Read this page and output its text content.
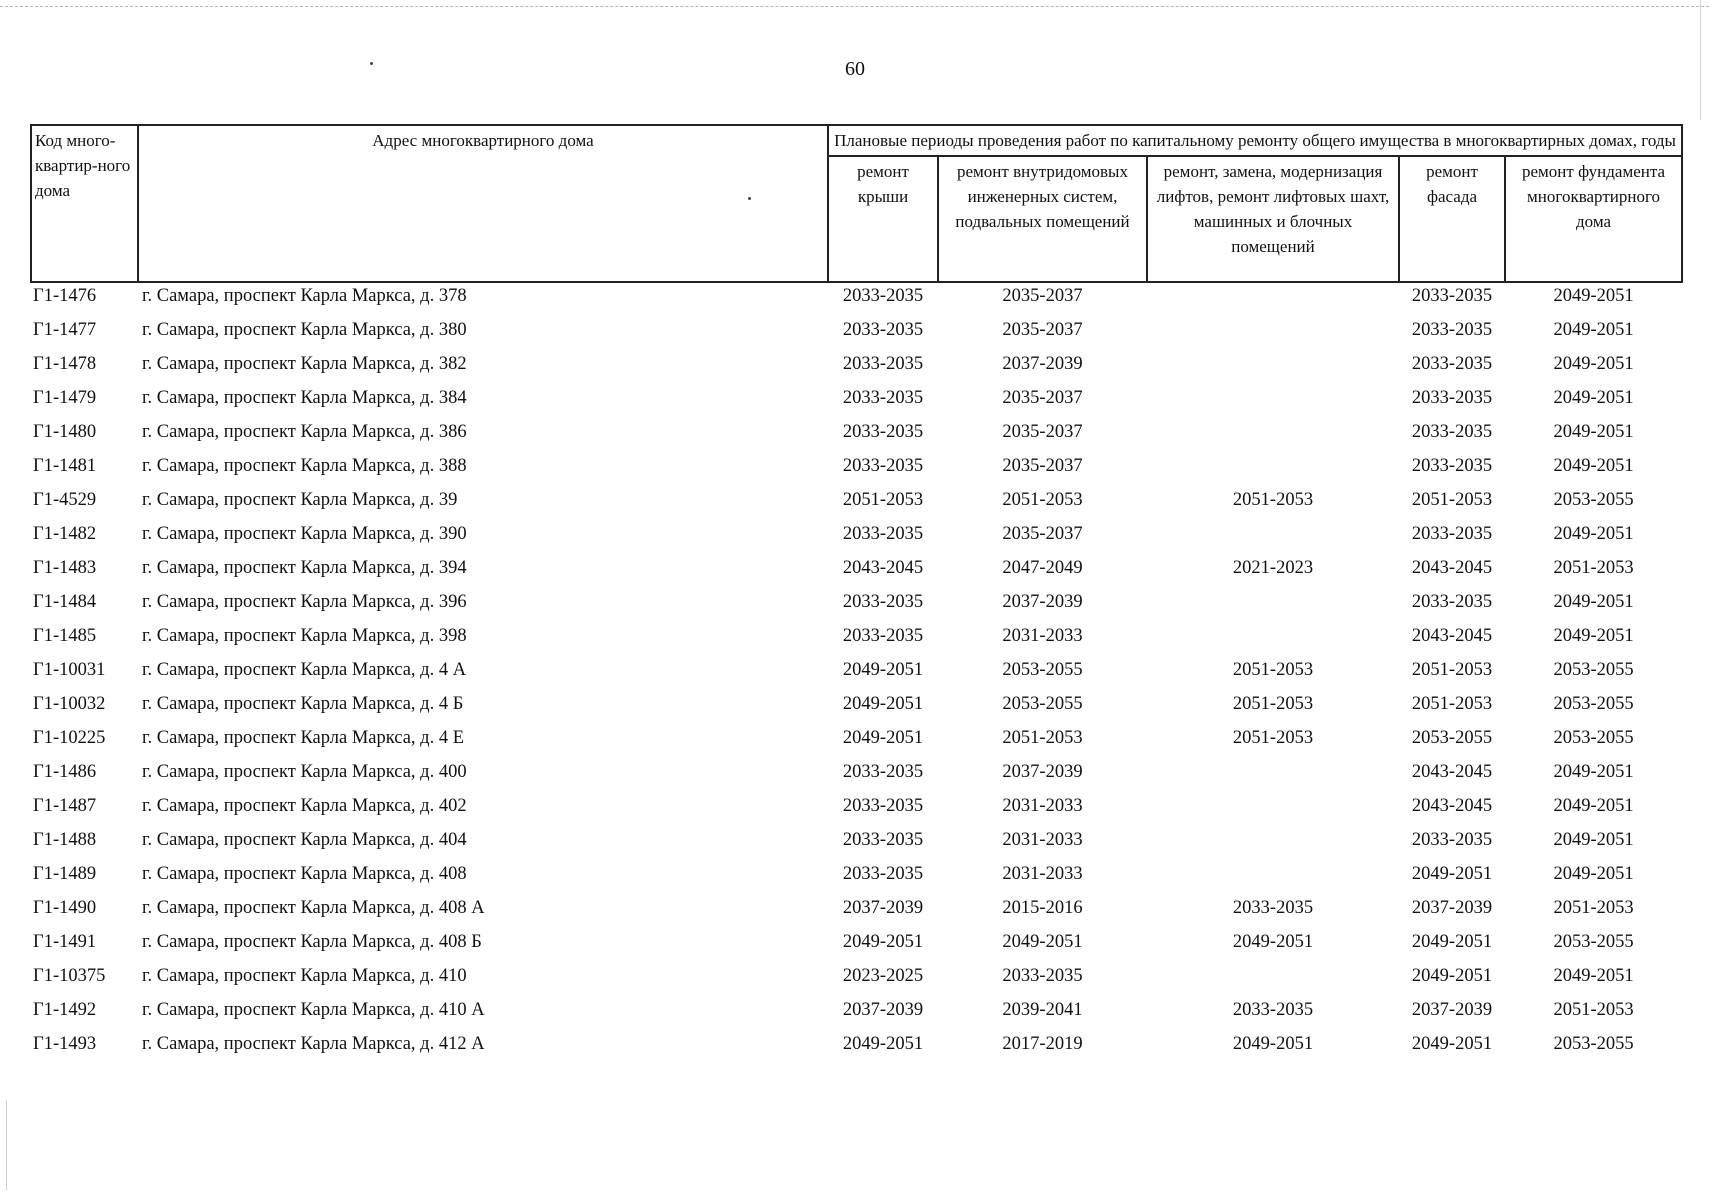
60
Код много-квартир-ного дома	Адрес многоквартирного дома	Плановые периоды проведения работ по капитальному ремонту общего имущества в многоквартирных домах, годы				
		ремонт крыши	ремонт внутридомовых инженерных систем, подвальных помещений	ремонт, замена, модернизация лифтов, ремонт лифтовых шахт, машинных и блочных помещений	ремонт фасада	ремонт фундамента многоквартирного дома
Г1-1476	г. Самара, проспект Карла Маркса, д. 378	2033-2035	2035-2037		2033-2035	2049-2051
Г1-1477	г. Самара, проспект Карла Маркса, д. 380	2033-2035	2035-2037		2033-2035	2049-2051
Г1-1478	г. Самара, проспект Карла Маркса, д. 382	2033-2035	2037-2039		2033-2035	2049-2051
Г1-1479	г. Самара, проспект Карла Маркса, д. 384	2033-2035	2035-2037		2033-2035	2049-2051
Г1-1480	г. Самара, проспект Карла Маркса, д. 386	2033-2035	2035-2037		2033-2035	2049-2051
Г1-1481	г. Самара, проспект Карла Маркса, д. 388	2033-2035	2035-2037		2033-2035	2049-2051
Г1-4529	г. Самара, проспект Карла Маркса, д. 39	2051-2053	2051-2053	2051-2053	2051-2053	2053-2055
Г1-1482	г. Самара, проспект Карла Маркса, д. 390	2033-2035	2035-2037		2033-2035	2049-2051
Г1-1483	г. Самара, проспект Карла Маркса, д. 394	2043-2045	2047-2049	2021-2023	2043-2045	2051-2053
Г1-1484	г. Самара, проспект Карла Маркса, д. 396	2033-2035	2037-2039		2033-2035	2049-2051
Г1-1485	г. Самара, проспект Карла Маркса, д. 398	2033-2035	2031-2033		2043-2045	2049-2051
Г1-10031	г. Самара, проспект Карла Маркса, д. 4 А	2049-2051	2053-2055	2051-2053	2051-2053	2053-2055
Г1-10032	г. Самара, проспект Карла Маркса, д. 4 Б	2049-2051	2053-2055	2051-2053	2051-2053	2053-2055
Г1-10225	г. Самара, проспект Карла Маркса, д. 4 Е	2049-2051	2051-2053	2051-2053	2053-2055	2053-2055
Г1-1486	г. Самара, проспект Карла Маркса, д. 400	2033-2035	2037-2039		2043-2045	2049-2051
Г1-1487	г. Самара, проспект Карла Маркса, д. 402	2033-2035	2031-2033		2043-2045	2049-2051
Г1-1488	г. Самара, проспект Карла Маркса, д. 404	2033-2035	2031-2033		2033-2035	2049-2051
Г1-1489	г. Самара, проспект Карла Маркса, д. 408	2033-2035	2031-2033		2049-2051	2049-2051
Г1-1490	г. Самара, проспект Карла Маркса, д. 408 А	2037-2039	2015-2016	2033-2035	2037-2039	2051-2053
Г1-1491	г. Самара, проспект Карла Маркса, д. 408 Б	2049-2051	2049-2051	2049-2051	2049-2051	2053-2055
Г1-10375	г. Самара, проспект Карла Маркса, д. 410	2023-2025	2033-2035		2049-2051	2049-2051
Г1-1492	г. Самара, проспект Карла Маркса, д. 410 А	2037-2039	2039-2041	2033-2035	2037-2039	2051-2053
Г1-1493	г. Самара, проспект Карла Маркса, д. 412 А	2049-2051	2017-2019	2049-2051	2049-2051	2053-2055
